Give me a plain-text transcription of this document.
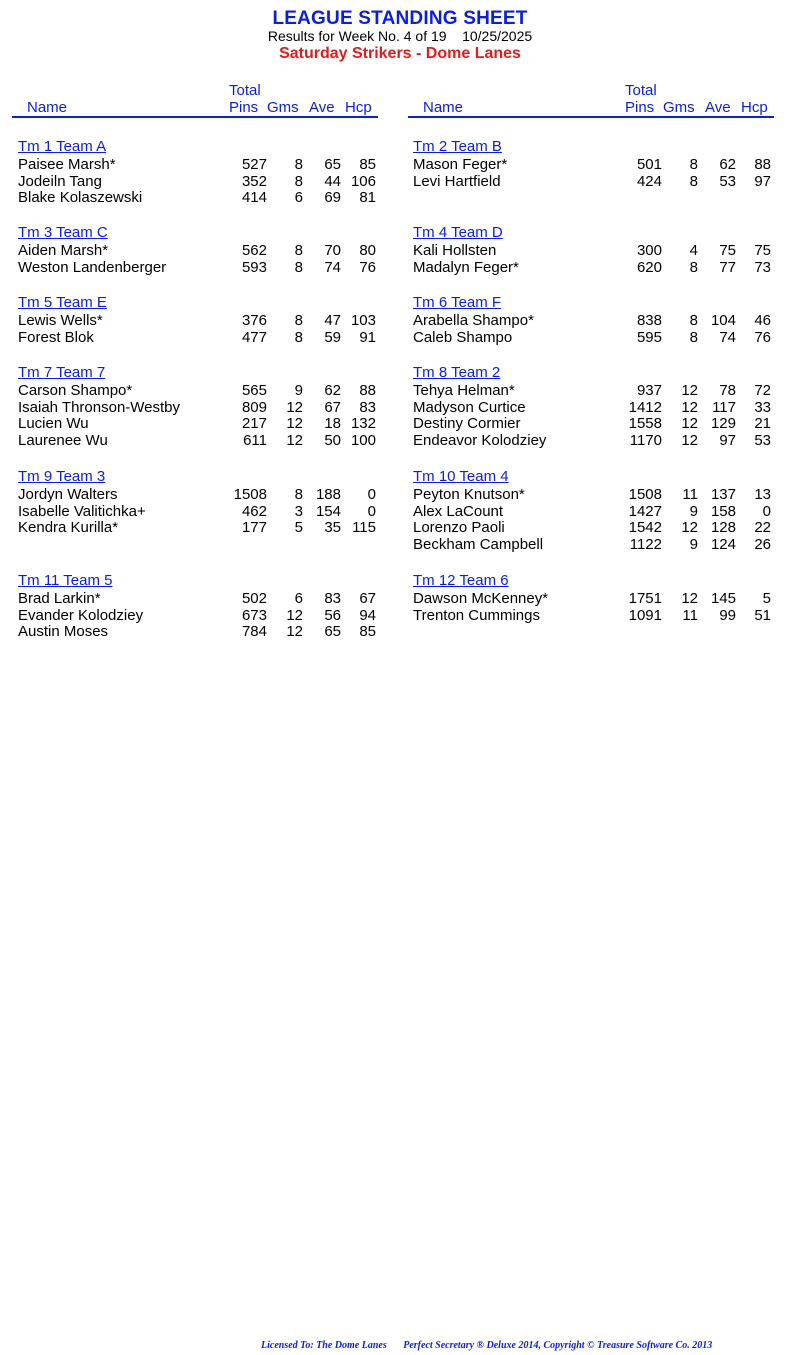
LEAGUE STANDING SHEET
Results for Week No. 4 of 19    10/25/2025
Saturday Strikers - Dome Lanes
Name
Total
Pins Gms Ave Hcp	Name
Total
Pins Gms Ave Hcp
Tm 1 Team A
Paisee Marsh*	527 8 65 85
Jodeiln Tang	352 8 44 106
Blake Kolaszewski	414 6 69 81
Tm 2 Team B
Mason Feger*	501 8 62 88
Levi Hartfield	424 8 53 97
Tm 3 Team C
Aiden Marsh*	562 8 70 80
Weston Landenberger	593 8 74 76
Tm 4 Team D
Kali Hollsten	300 4 75 75
Madalyn Feger*	620 8 77 73
Tm 5 Team E
Lewis Wells*	376 8 47 103
Forest Blok	477 8 59 91
Tm 6 Team F
Arabella Shampo*	838 8 104 46
Caleb Shampo	595 8 74 76
Tm 7 Team 7
Carson Shampo*	565 9 62 88
Isaiah Thronson-Westby	809 12 67 83
Lucien Wu	217 12 18 132
Laurenee Wu	611 12 50 100
Tm 8 Team 2
Tehya Helman*	937 12 78 72
Madyson Curtice	1412 12 117 33
Destiny Cormier	1558 12 129 21
Endeavor Kolodziey	1170 12 97 53
Tm 9 Team 3
Jordyn Walters	1508 8 188 0
Isabelle Valitichka+	462 3 154 0
Kendra Kurilla*	177 5 35 115
Tm 10 Team 4
Peyton Knutson*	1508 11 137 13
Alex LaCount	1427 9 158 0
Lorenzo Paoli	1542 12 128 22
Beckham Campbell	1122 9 124 26
Tm 11 Team 5
Brad Larkin*	502 6 83 67
Evander Kolodziey	673 12 56 94
Austin Moses	784 12 65 85
Tm 12 Team 6
Dawson McKenney*	1751 12 145 5
Trenton Cummings	1091 11 99 51
Licensed To: The Dome Lanes Perfect Secretary ® Deluxe 2014, Copyright © Treasure Software Co. 2013
